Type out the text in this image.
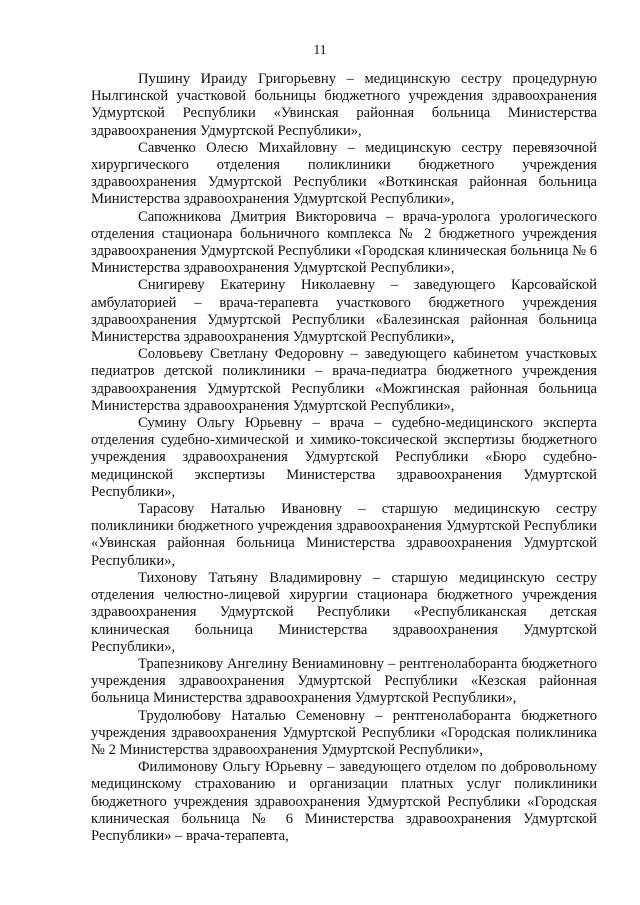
11

Пушину Ираиду Григорьевну – медицинскую сестру процедурную Нылгинской участковой больницы бюджетного учреждения здравоохранения Удмуртской Республики «Увинская районная больница Министерства здравоохранения Удмуртской Республики»,

Савченко Олесю Михайловну – медицинскую сестру перевязочной хирургического отделения поликлиники бюджетного учреждения здравоохранения Удмуртской Республики «Воткинская районная больница Министерства здравоохранения Удмуртской Республики»,

Сапожникова Дмитрия Викторовича – врача-уролога урологического отделения стационара больничного комплекса № 2 бюджетного учреждения здравоохранения Удмуртской Республики «Городская клиническая больница № 6 Министерства здравоохранения Удмуртской Республики»,

Снигиреву Екатерину Николаевну – заведующего Карсовайской амбулаторией – врача-терапевта участкового бюджетного учреждения здравоохранения Удмуртской Республики «Балезинская районная больница Министерства здравоохранения Удмуртской Республики»,

Соловьеву Светлану Федоровну – заведующего кабинетом участковых педиатров детской поликлиники – врача-педиатра бюджетного учреждения здравоохранения Удмуртской Республики «Можгинская районная больница Министерства здравоохранения Удмуртской Республики»,

Сумину Ольгу Юрьевну – врача – судебно-медицинского эксперта отделения судебно-химической и химико-токсической экспертизы бюджетного учреждения здравоохранения Удмуртской Республики «Бюро судебно-медицинской экспертизы Министерства здравоохранения Удмуртской Республики»,

Тарасову Наталью Ивановну – старшую медицинскую сестру поликлиники бюджетного учреждения здравоохранения Удмуртской Республики «Увинская районная больница Министерства здравоохранения Удмуртской Республики»,

Тихонову Татьяну Владимировну – старшую медицинскую сестру отделения челюстно-лицевой хирургии стационара бюджетного учреждения здравоохранения Удмуртской Республики «Республиканская детская клиническая больница Министерства здравоохранения Удмуртской Республики»,

Трапезникову Ангелину Вениаминовну – рентгенолаборанта бюджетного учреждения здравоохранения Удмуртской Республики «Кезская районная больница Министерства здравоохранения Удмуртской Республики»,

Трудолюбову Наталью Семеновну – рентгенолаборанта бюджетного учреждения здравоохранения Удмуртской Республики «Городская поликлиника № 2 Министерства здравоохранения Удмуртской Республики»,

Филимонову Ольгу Юрьевну – заведующего отделом по добровольному медицинскому страхованию и организации платных услуг поликлиники бюджетного учреждения здравоохранения Удмуртской Республики «Городская клиническая больница № 6 Министерства здравоохранения Удмуртской Республики» – врача-терапевта,
